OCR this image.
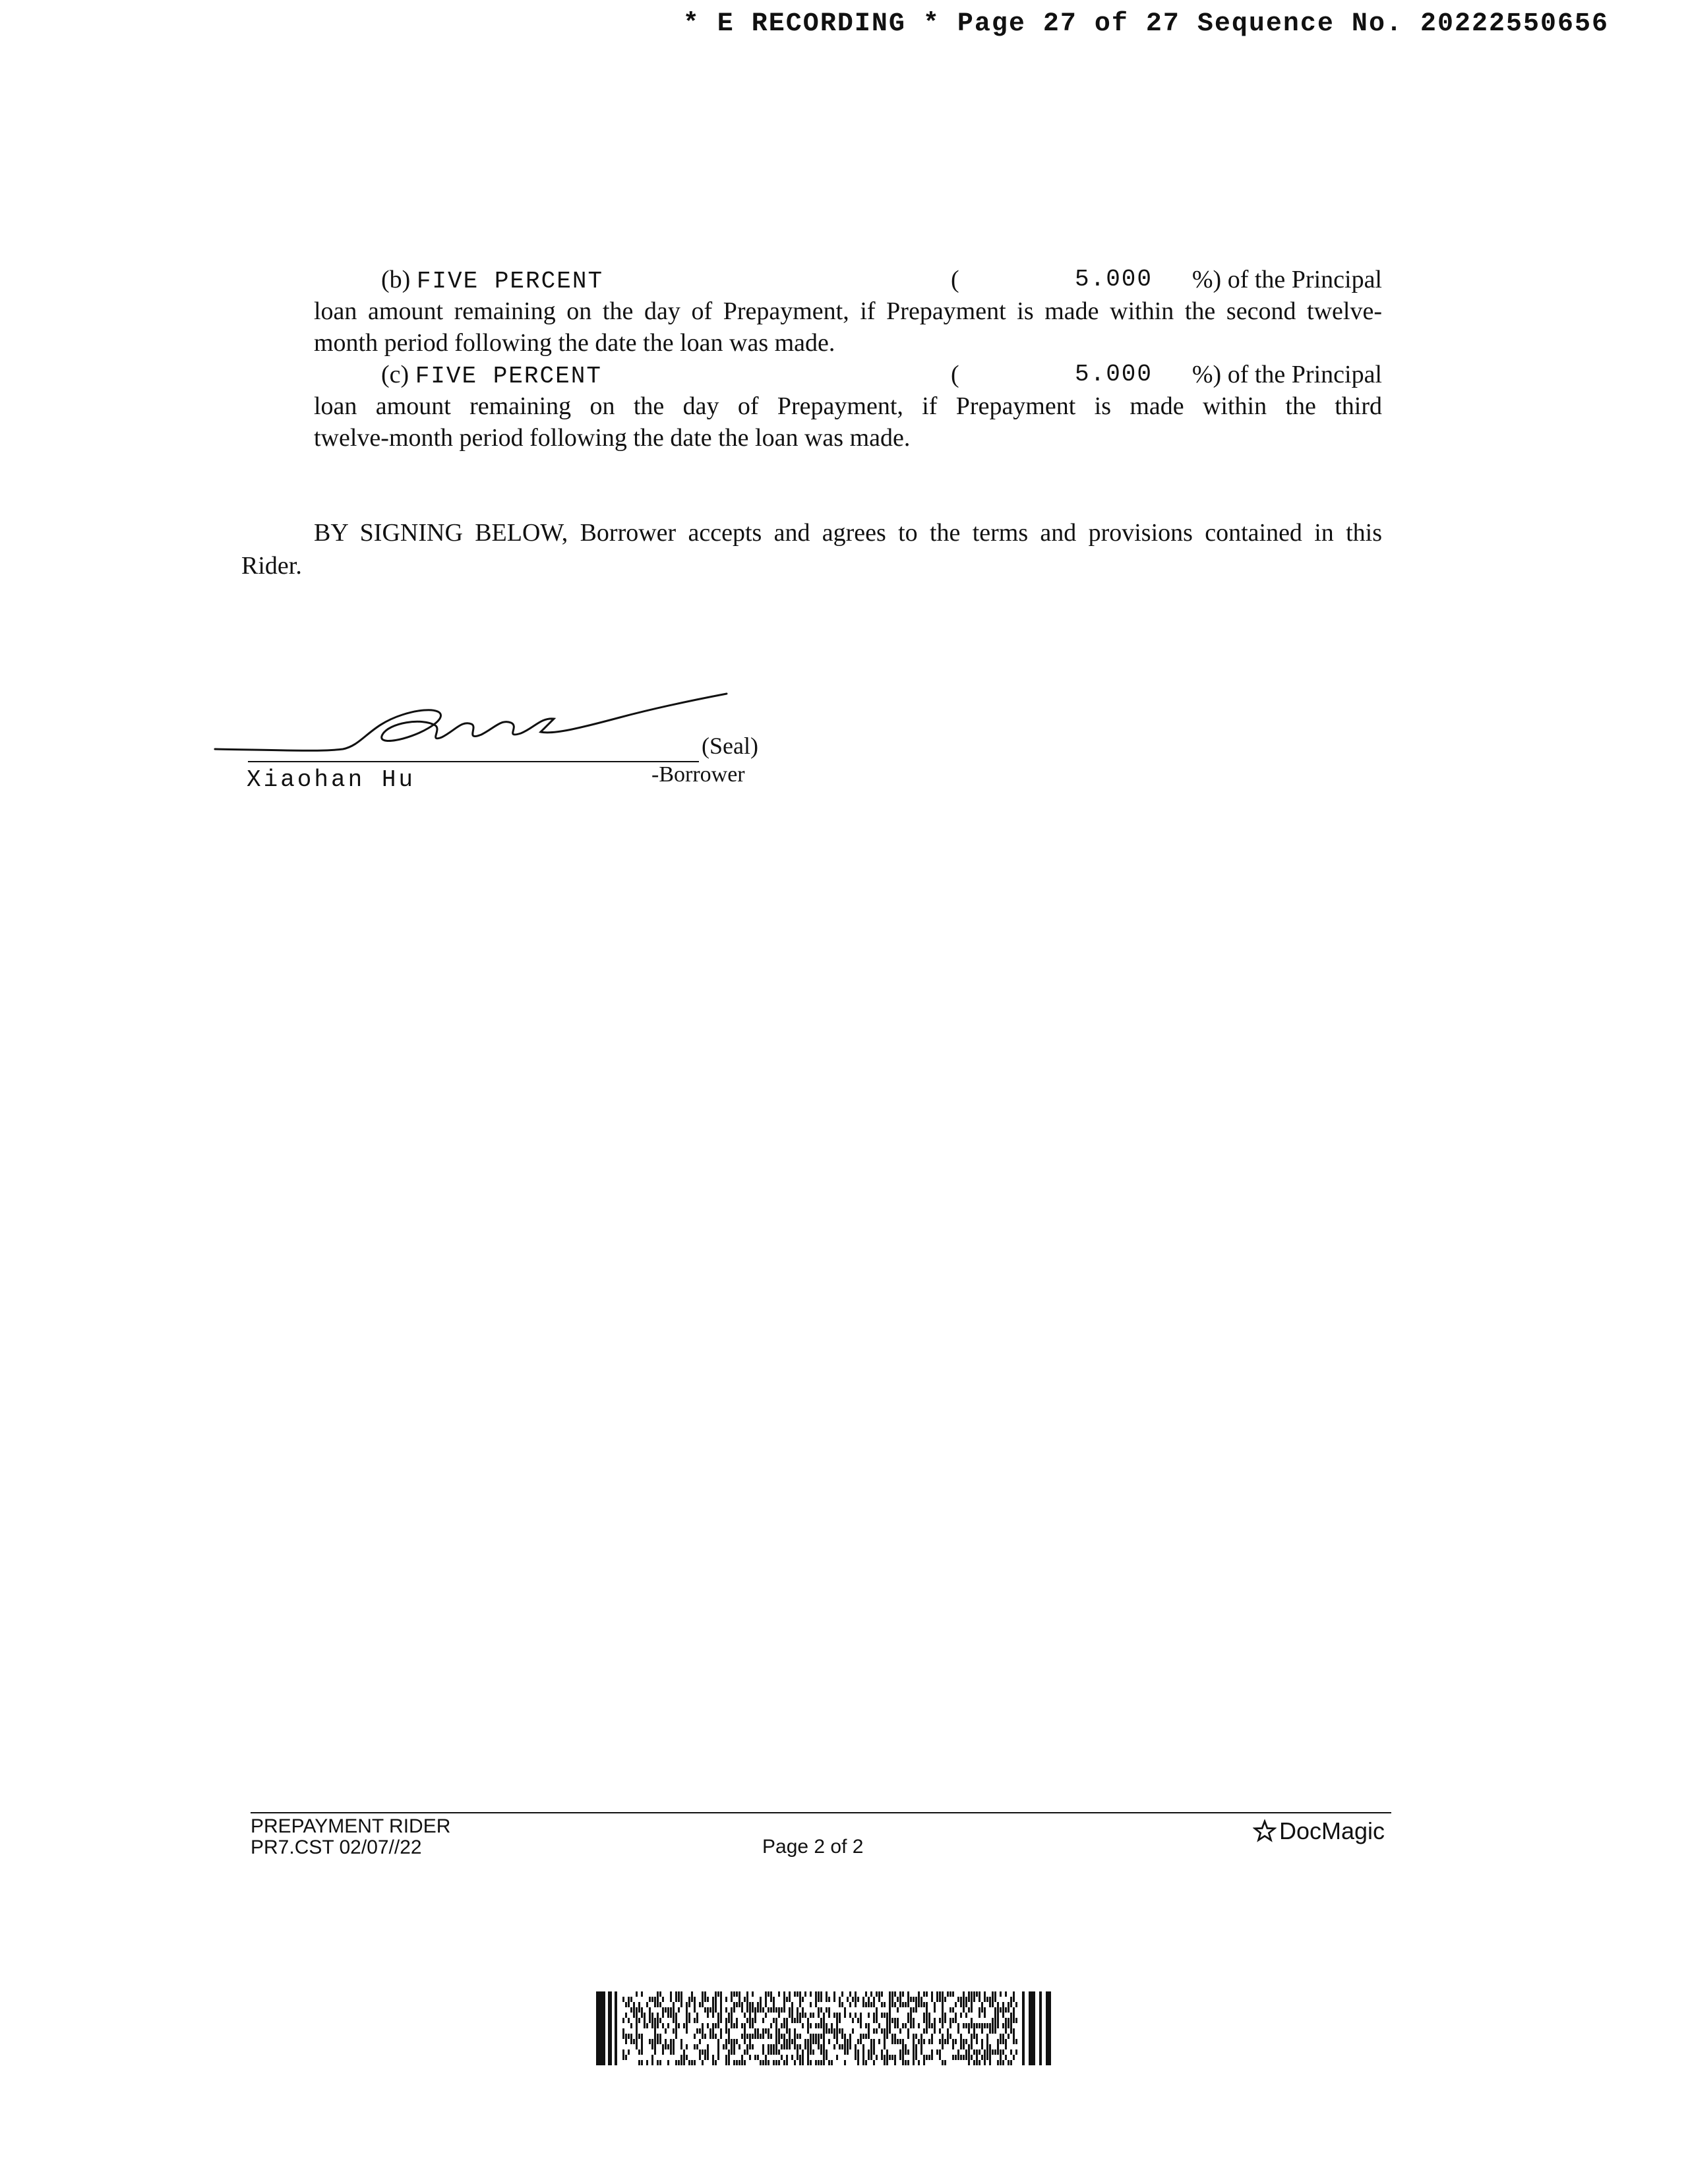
* E RECORDING * Page 27 of 27 Sequence No. 20222550656
(b) FIVE PERCENT	(	5.000 %) of the Principal
loan amount remaining on the day of Prepayment, if Prepayment is made within the second twelve-
month period following the date the loan was made.
(c) FIVE PERCENT	(	5.000 %) of the Principal
loan amount remaining on the day of Prepayment, if Prepayment is made within the third
twelve-month period following the date the loan was made.
BY SIGNING BELOW, Borrower accepts and agrees to the terms and provisions contained in this
Rider.
(Seal)
Xiaohan Hu	-Borrower
PREPAYMENT RIDER
PR7.CST 02/07//22	Page 2 of 2
DocMagic
